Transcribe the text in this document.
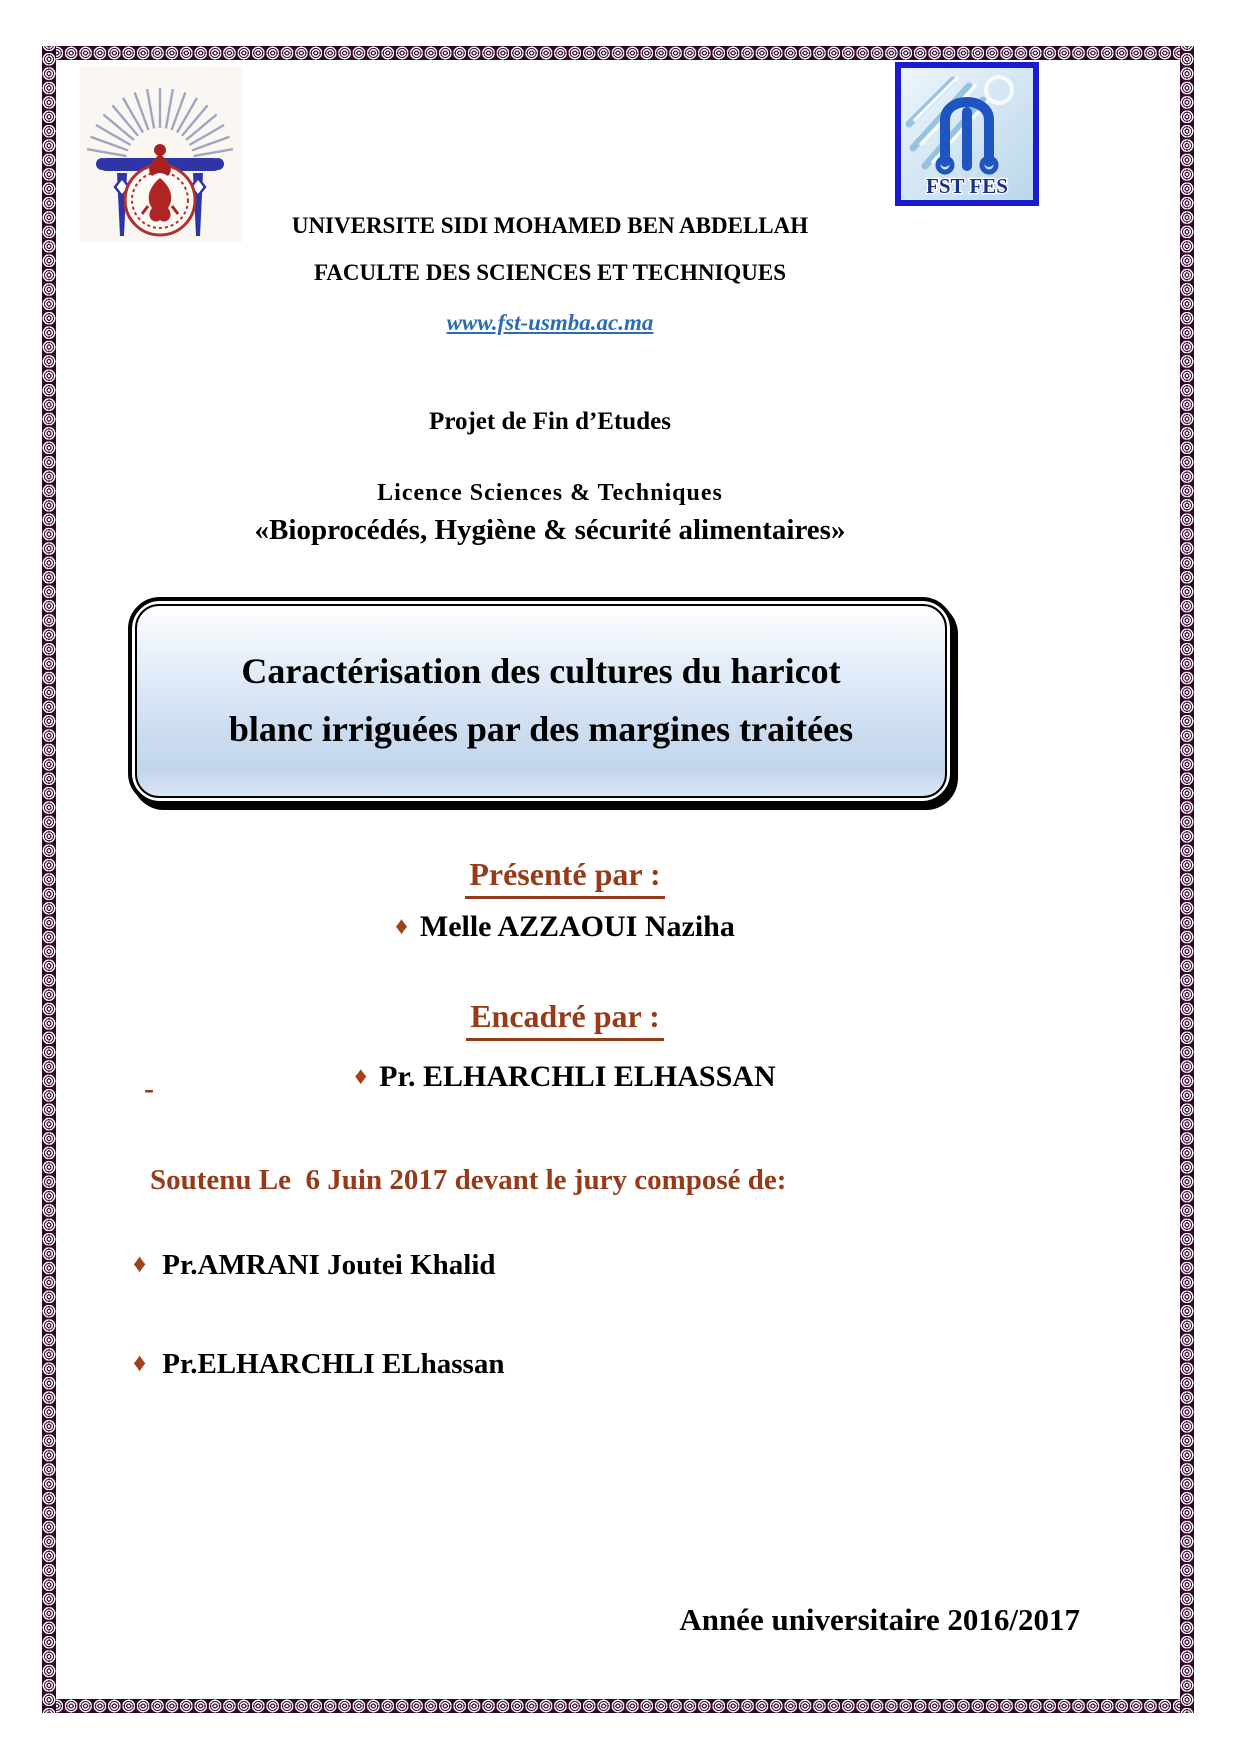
FST FES
UNIVERSITE SIDI MOHAMED BEN ABDELLAH
FACULTE DES SCIENCES ET TECHNIQUES
www.fst-usmba.ac.ma
Projet de Fin d’Etudes
Licence Sciences & Techniques
«Bioprocédés, Hygiène & sécurité alimentaires»
Caractérisation des cultures du haricot
blanc irriguées par des margines traitées
Présenté par :
♦ Melle AZZAOUI Naziha
Encadré par :
♦ Pr. ELHARCHLI ELHASSAN
-
Soutenu Le  6 Juin 2017 devant le jury composé de:
♦ Pr.AMRANI Joutei Khalid
♦ Pr.ELHARCHLI ELhassan
Année universitaire 2016/2017
